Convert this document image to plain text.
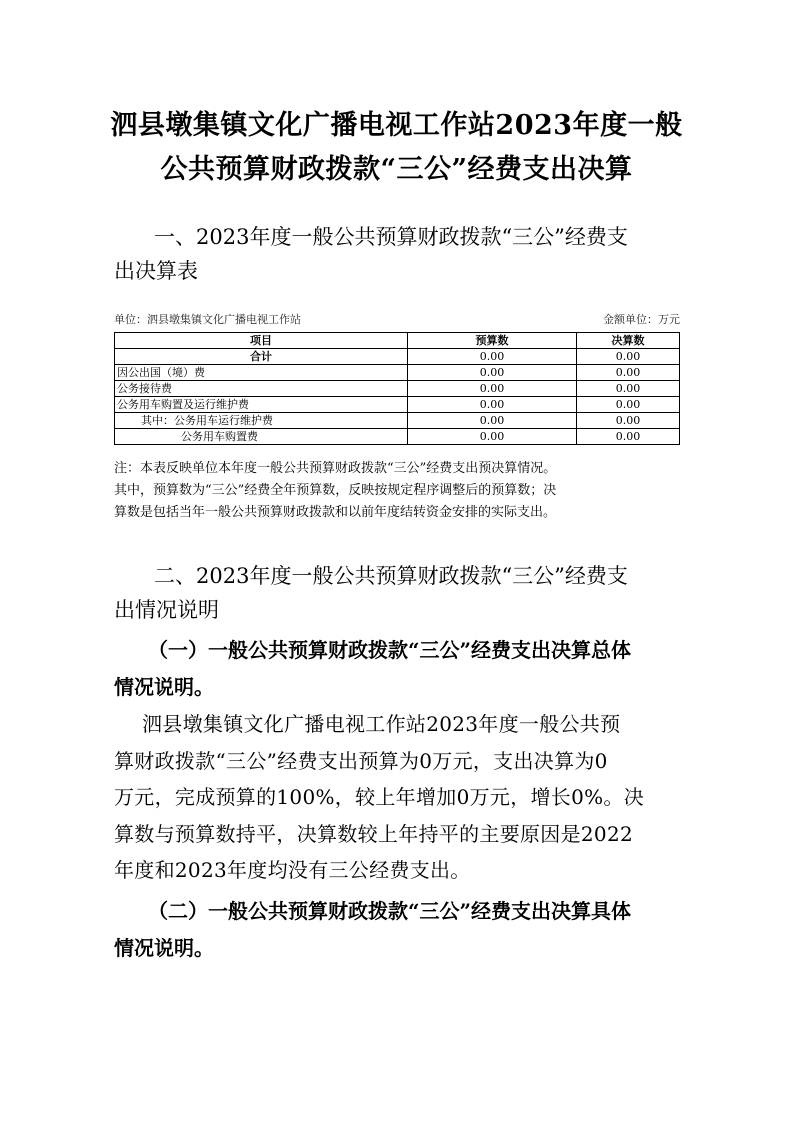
泗县墩集镇文化广播电视工作站2023年度一般
公共预算财政拨款“三公”经费支出决算
一、2023年度一般公共预算财政拨款“三公”经费支
出决算表
单位：泗县墩集镇文化广播电视工作站	金额单位：万元
项目	预算数	决算数
合计	0.00	0.00
因公出国（境）费	0.00	0.00
公务接待费	0.00	0.00
公务用车购置及运行维护费	0.00	0.00
其中：公务用车运行维护费	0.00	0.00
公务用车购置费	0.00	0.00
注：本表反映单位本年度一般公共预算财政拨款“三公”经费支出预决算情况。
其中，预算数为“三公”经费全年预算数，反映按规定程序调整后的预算数；决
算数是包括当年一般公共预算财政拨款和以前年度结转资金安排的实际支出。
二、2023年度一般公共预算财政拨款“三公”经费支
出情况说明
（一）一般公共预算财政拨款“三公”经费支出决算总体
情况说明。
泗县墩集镇文化广播电视工作站2023年度一般公共预
算财政拨款“三公”经费支出预算为0万元，支出决算为0
万元，完成预算的100%，较上年增加0万元，增长0%。决
算数与预算数持平，决算数较上年持平的主要原因是2022
年度和2023年度均没有三公经费支出。
（二）一般公共预算财政拨款“三公”经费支出决算具体
情况说明。
